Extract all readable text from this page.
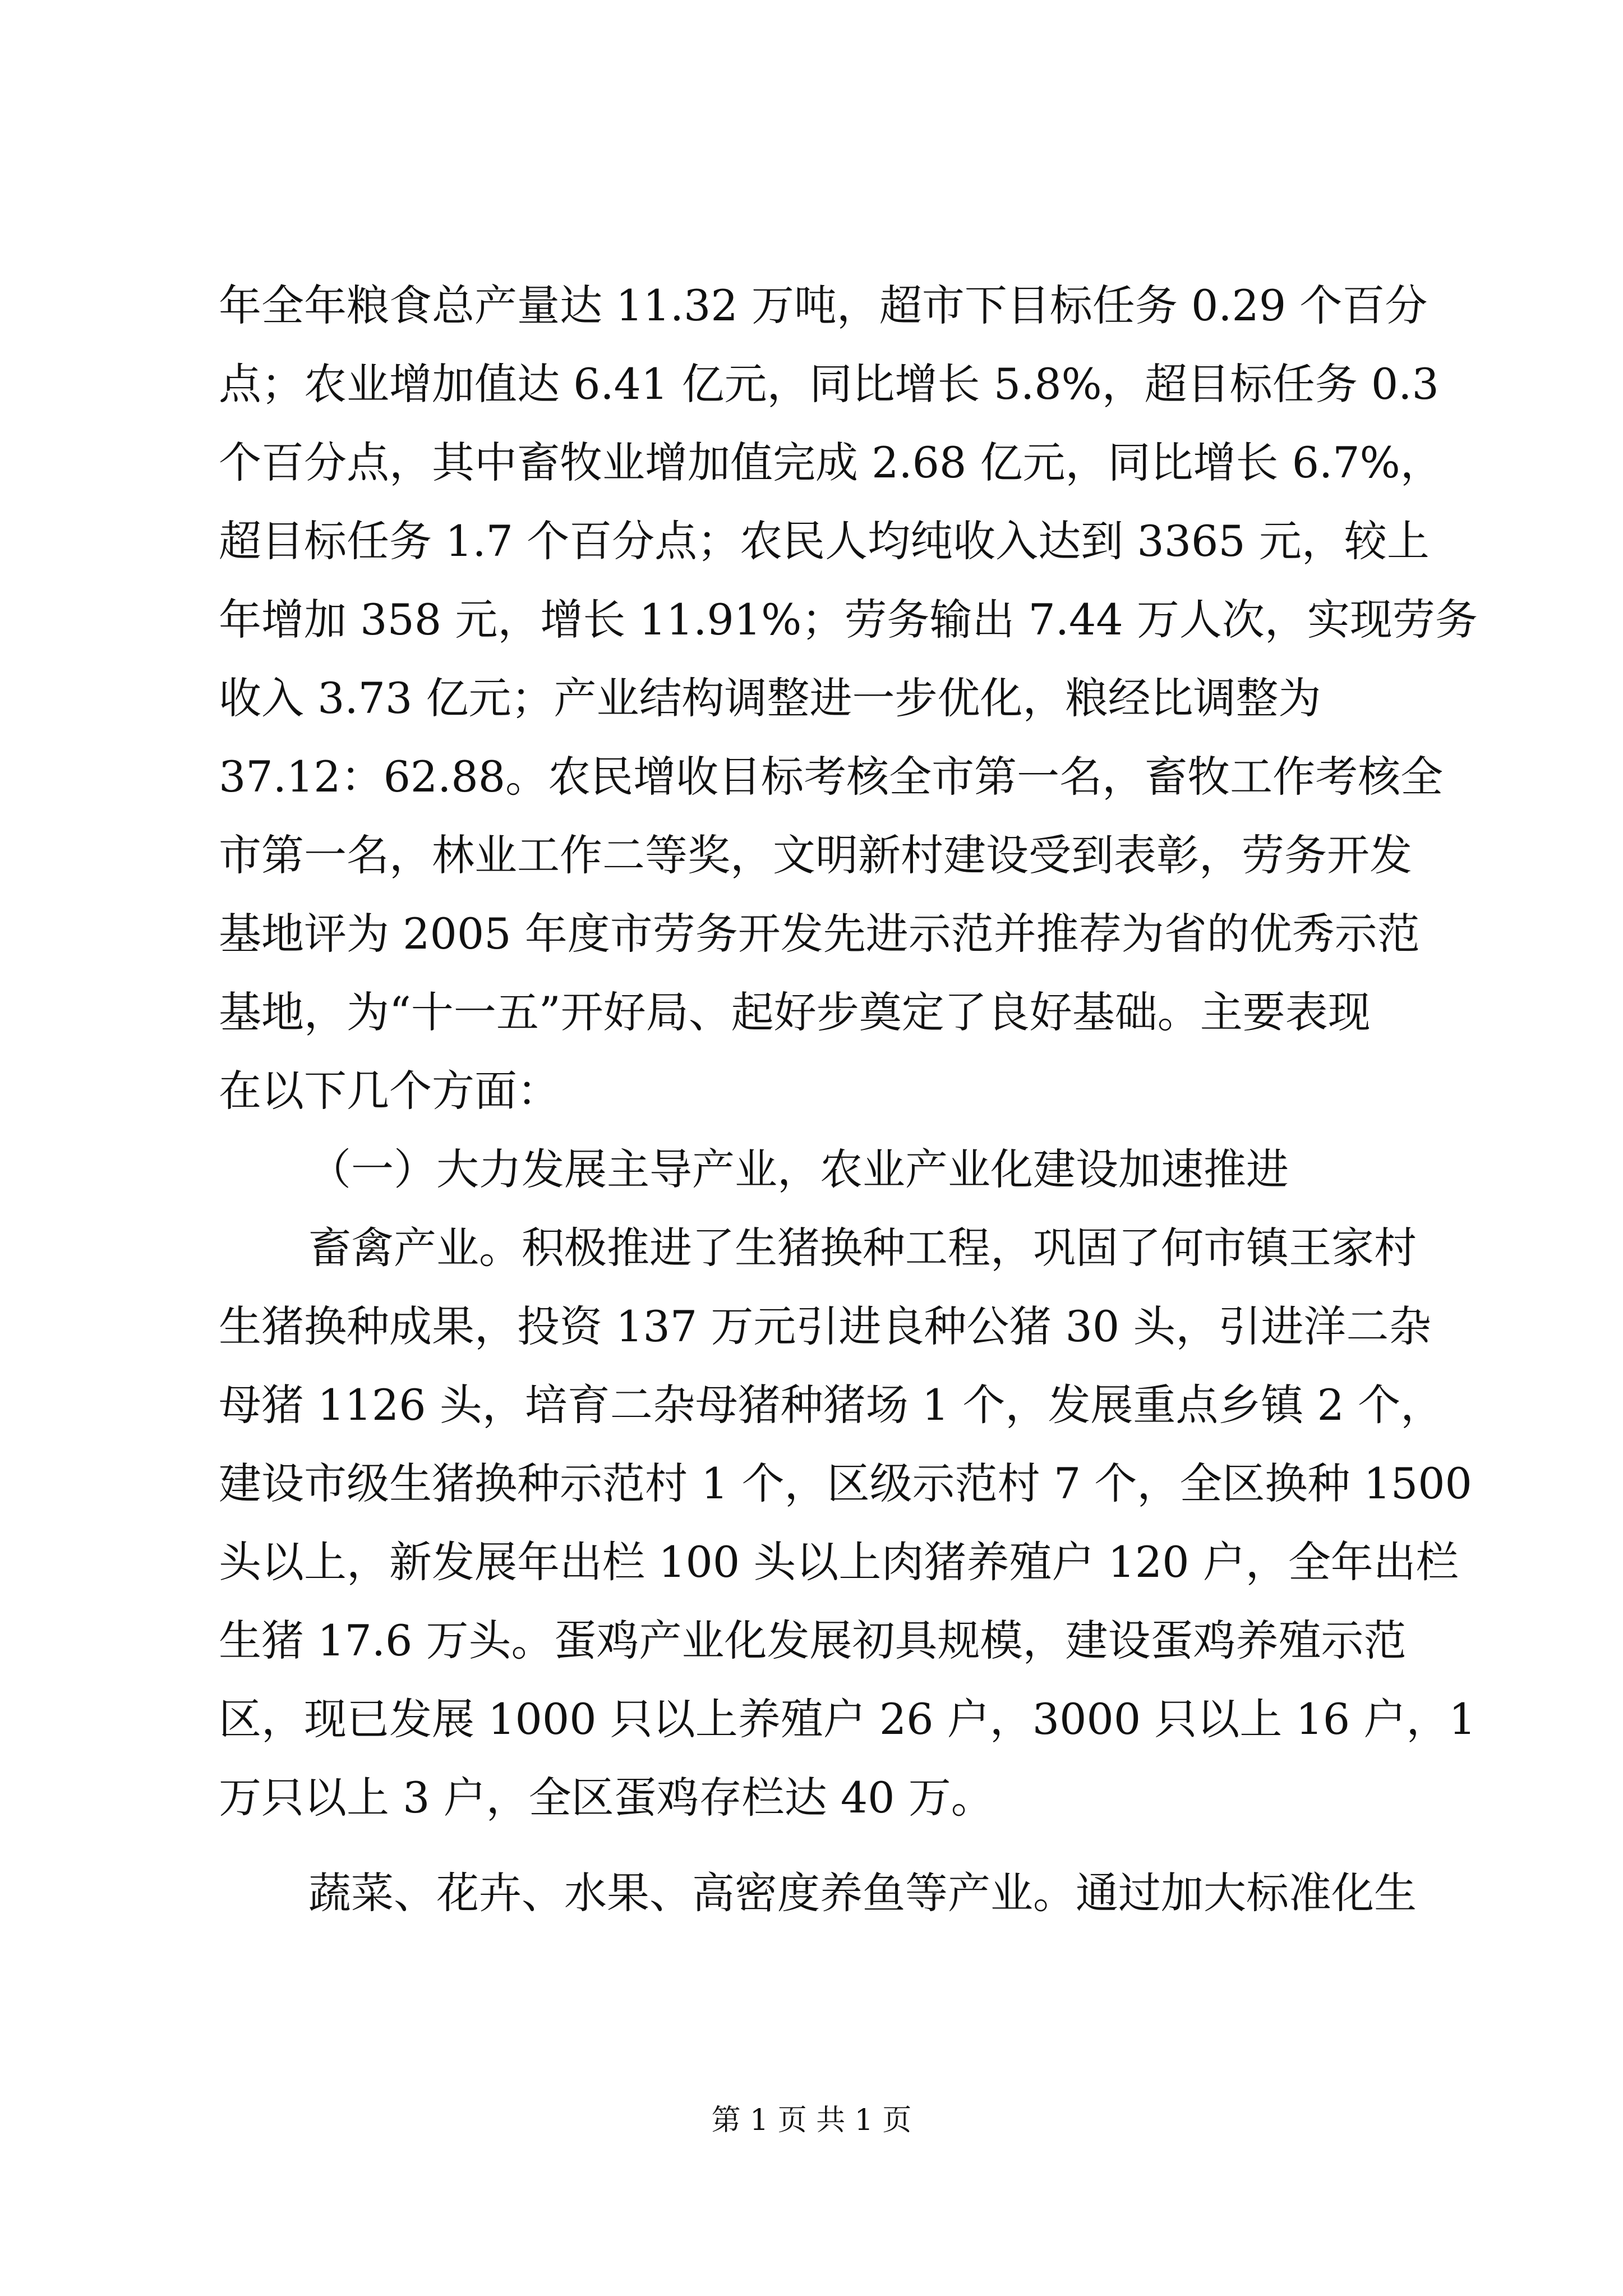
年全年粮食总产量达 11.32 万吨，超市下目标任务 0.29 个百分
点；农业增加值达 6.41 亿元，同比增长 5.8%，超目标任务 0.3
个百分点，其中畜牧业增加值完成 2.68 亿元，同比增长 6.7%，
超目标任务 1.7 个百分点；农民人均纯收入达到 3365 元，较上
年增加 358 元，增长 11.91%；劳务输出 7.44 万人次，实现劳务
收入 3.73 亿元；产业结构调整进一步优化，粮经比调整为
37.12：62.88。农民增收目标考核全市第一名，畜牧工作考核全
市第一名，林业工作二等奖，文明新村建设受到表彰，劳务开发
基地评为 2005 年度市劳务开发先进示范并推荐为省的优秀示范
基地，为“十一五”开好局、起好步奠定了良好基础。主要表现
在以下几个方面：
（一）大力发展主导产业，农业产业化建设加速推进
畜禽产业。积极推进了生猪换种工程，巩固了何市镇王家村
生猪换种成果，投资 137 万元引进良种公猪 30 头，引进洋二杂
母猪 1126 头，培育二杂母猪种猪场 1 个，发展重点乡镇 2 个，
建设市级生猪换种示范村 1 个，区级示范村 7 个，全区换种 1500
头以上，新发展年出栏 100 头以上肉猪养殖户 120 户，全年出栏
生猪 17.6 万头。蛋鸡产业化发展初具规模，建设蛋鸡养殖示范
区，现已发展 1000 只以上养殖户 26 户，3000 只以上 16 户，1
万只以上 3 户，全区蛋鸡存栏达 40 万。
蔬菜、花卉、水果、高密度养鱼等产业。通过加大标准化生
第 1 页 共 1 页
